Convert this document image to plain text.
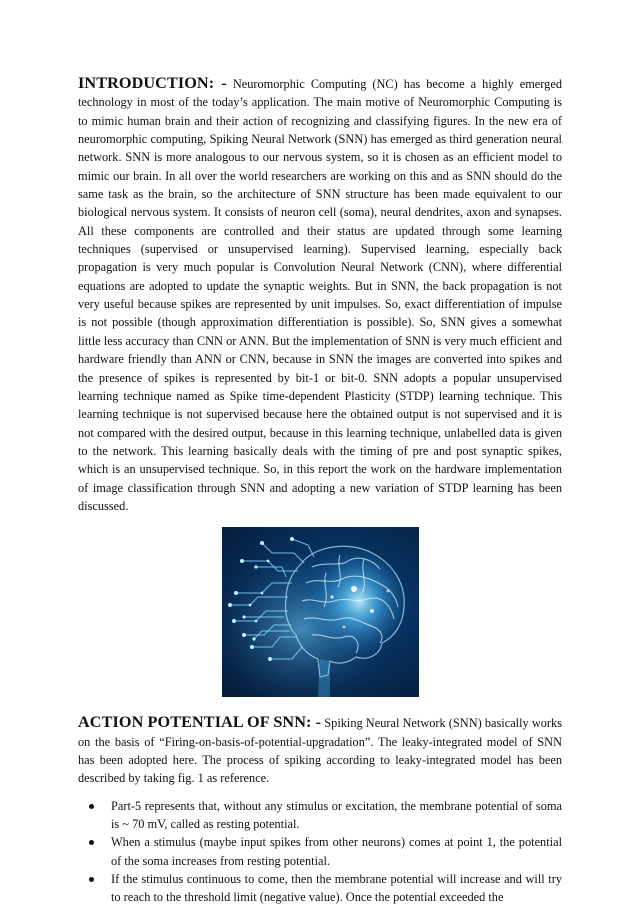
INTRODUCTION: - Neuromorphic Computing (NC) has become a highly emerged technology in most of the today’s application. The main motive of Neuromorphic Computing is to mimic human brain and their action of recognizing and classifying figures. In the new era of neuromorphic computing, Spiking Neural Network (SNN) has emerged as third generation neural network. SNN is more analogous to our nervous system, so it is chosen as an efficient model to mimic our brain. In all over the world researchers are working on this and as SNN should do the same task as the brain, so the architecture of SNN structure has been made equivalent to our biological nervous system. It consists of neuron cell (soma), neural dendrites, axon and synapses. All these components are controlled and their status are updated through some learning techniques (supervised or unsupervised learning). Supervised learning, especially back propagation is very much popular is Convolution Neural Network (CNN), where differential equations are adopted to update the synaptic weights. But in SNN, the back propagation is not very useful because spikes are represented by unit impulses. So, exact differentiation of impulse is not possible (though approximation differentiation is possible). So, SNN gives a somewhat little less accuracy than CNN or ANN. But the implementation of SNN is very much efficient and hardware friendly than ANN or CNN, because in SNN the images are converted into spikes and the presence of spikes is represented by bit-1 or bit-0. SNN adopts a popular unsupervised learning technique named as Spike time-dependent Plasticity (STDP) learning technique. This learning technique is not supervised because here the obtained output is not supervised and it is not compared with the desired output, because in this learning technique, unlabelled data is given to the network. This learning basically deals with the timing of pre and post synaptic spikes, which is an unsupervised technique. So, in this report the work on the hardware implementation of image classification through SNN and adopting a new variation of STDP learning has been discussed.

ACTION POTENTIAL OF SNN: - Spiking Neural Network (SNN) basically works on the basis of “Firing-on-basis-of-potential-upgradation”. The leaky-integrated model of SNN has been adopted here. The process of spiking according to leaky-integrated model has been described by taking fig. 1 as reference.

Part-5 represents that, without any stimulus or excitation, the membrane potential of soma is ~ 70 mV, called as resting potential.
When a stimulus (maybe input spikes from other neurons) comes at point 1, the potential of the soma increases from resting potential.
If the stimulus continuous to come, then the membrane potential will increase and will try to reach to the threshold limit (negative value). Once the potential exceeded the
